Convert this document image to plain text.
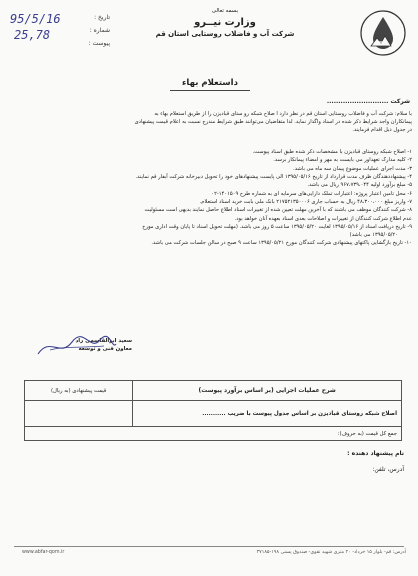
95/5/16
25,78
تاریخ :
شماره :
پیوست :
بسمه تعالی
وزارت نیــرو
شرکت آب و فاضلاب روستایی استان قم
داستعلام بهاء
شرکت ...........................
با سلام: شرکت آب و فاضلاب روستایی استان قم در نظر دارد ا صلاح شبکه رو ستای قبادیزن را از طریق استعلام بهاء به
پیمانکاران واجد شرایط ذکر شده در اسناد واگذار نماید. لذا متقاضیان می‌توانند طبق شرایط مندرج نسبت به اعلام قیمت پیشنهادی
در جدول ذیل اقدام فرمایند.
۱- اصلاح شبکه روستای قبادیزن با مشخصات ذکر شده طبق اسناد پیوست.
۲- کلیه مدارک تعهداور می بایست به مهر و امضاء پیمانکار برسد.
۳- مدت اجرای عملیات موضوع پیمان سه ماه می باشد.
۴- پیشنهاددهندگان ظرف مدت قرارداد از تاریخ ۱۳۹۵/۰۵/۱۶ الی پایست پیشنهادهای خود را تحویل دبیرخانه شرکت آبفار قم نمایند.
۵- مبلغ برآورد اولیه ۹۶۷،۷۳۹،۰۴۴ ریال می باشد.
۶- محل تامین اعتبار پروژه: اعتبارات تملک دارایی‌های سرمایه ای به شماره طرح ۱۴۰۱۵۰۹-۰۲
۷- واریز مبلغ ۴۸،۳۰۰،۰۰۰ ریال به حساب جاری ۲۱۷۵۲۱۳۵۰۰۰۶ بانک ملی بابت خرید اسناد استعلام.
۸- شرکت کنندگان موظف می باشند که با آخرین مهلت تعیین شده از تغییرات اسناد اطلاع حاصل نمایند بدیهی است مسئولیت
عدم اطلاع شرکت کنندگان از تغییرات و اصلاحات بعدی اسناد بعهده آنان خواهد بود.
۹- تاریخ دریافت اسناد از ۱۳۹۵/۰۵/۱۶ لغایت ۱۳۹۵/۰۵/۲۰ ساعت ۵ روز می باشد. (مهلت تحویل اسناد تا پایان وقت اداری مورخ
۱۳۹۵/۰۵/۲۰ می باشد)
۱۰- تاریخ بازگشایی پاکتهای پیشنهادی شرکت کنندگان مورخ ۱۳۹۵/۰۵/۲۱ ساعت ۹ صبح در سالن جلسات شرکت می باشد.
سعید ابوالقاسمی راد
معاون فنی و توسعه
شرح عملیات اجرایی (بر اساس برآورد پیوست)	قیمت پیشنهادی (به ریال)
اصلاح شبکه روستای قبادیزن بر اساس جدول پیوست با ضریب ...........	
جمع کل قیمت (به حروف):	
نام پیشنهاد دهنده :
آدرس، تلفن:
آدرس: قم- بلوار ۱۵ خرداد- ۲۰ متری شهید تقوی- صندوق پستی ۱۹۸-۳۷۱۸۵
www.abfar-qom.ir
